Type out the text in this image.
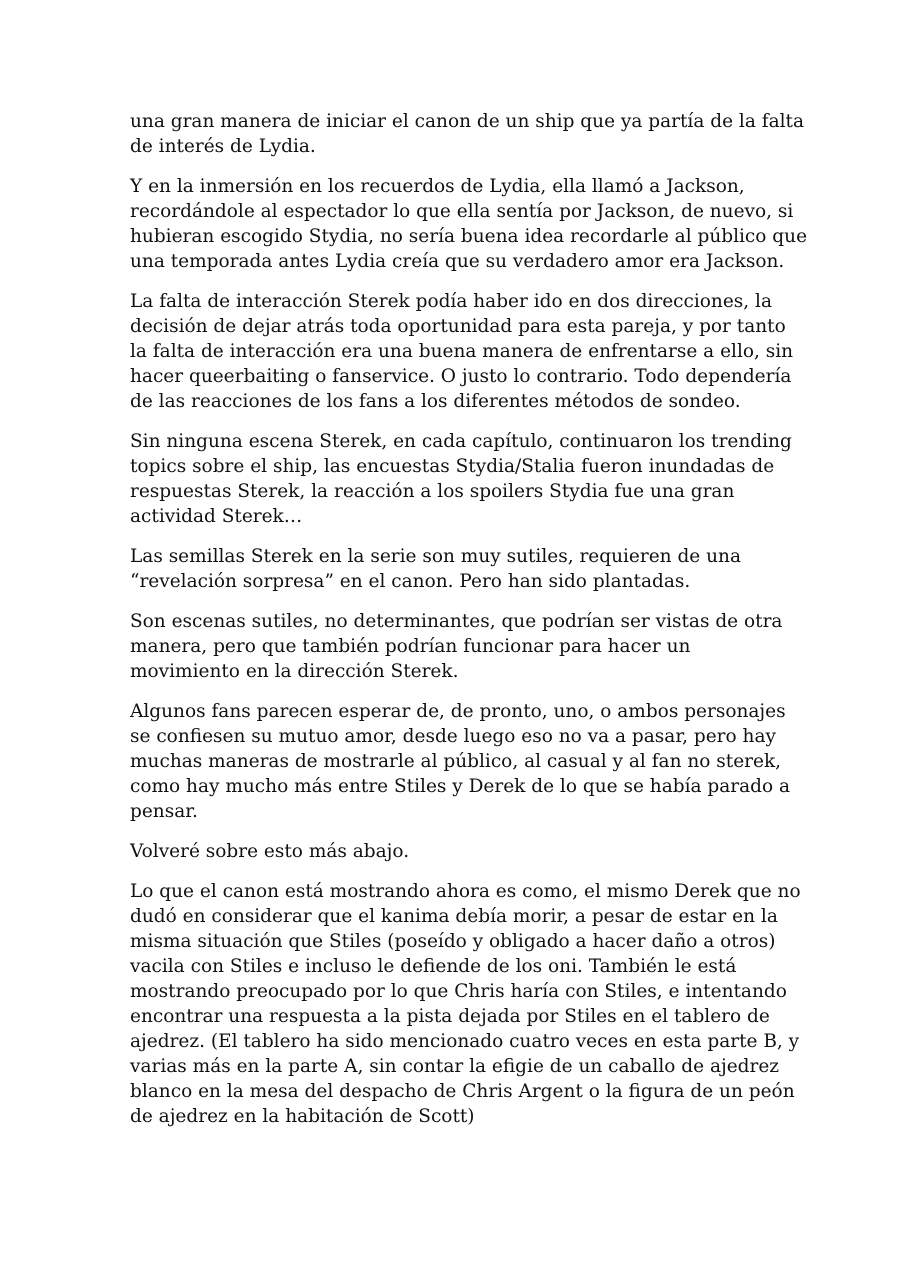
una gran manera de iniciar el canon de un ship que ya partía de la falta
de interés de Lydia.

Y en la inmersión en los recuerdos de Lydia, ella llamó a Jackson,
recordándole al espectador lo que ella sentía por Jackson, de nuevo, si
hubieran escogido Stydia, no sería buena idea recordarle al público que
una temporada antes Lydia creía que su verdadero amor era Jackson.

La falta de interacción Sterek podía haber ido en dos direcciones, la
decisión de dejar atrás toda oportunidad para esta pareja, y por tanto
la falta de interacción era una buena manera de enfrentarse a ello, sin
hacer queerbaiting o fanservice. O justo lo contrario. Todo dependería
de las reacciones de los fans a los diferentes métodos de sondeo.

Sin ninguna escena Sterek, en cada capítulo, continuaron los trending
topics sobre el ship, las encuestas Stydia/Stalia fueron inundadas de
respuestas Sterek, la reacción a los spoilers Stydia fue una gran
actividad Sterek…

Las semillas Sterek en la serie son muy sutiles, requieren de una
“revelación sorpresa” en el canon. Pero han sido plantadas.

Son escenas sutiles, no determinantes, que podrían ser vistas de otra
manera, pero que también podrían funcionar para hacer un
movimiento en la dirección Sterek.

Algunos fans parecen esperar de, de pronto, uno, o ambos personajes
se confiesen su mutuo amor, desde luego eso no va a pasar, pero hay
muchas maneras de mostrarle al público, al casual y al fan no sterek,
como hay mucho más entre Stiles y Derek de lo que se había parado a
pensar.

Volveré sobre esto más abajo.

Lo que el canon está mostrando ahora es como, el mismo Derek que no
dudó en considerar que el kanima debía morir, a pesar de estar en la
misma situación que Stiles (poseído y obligado a hacer daño a otros)
vacila con Stiles e incluso le defiende de los oni. También le está
mostrando preocupado por lo que Chris haría con Stiles, e intentando
encontrar una respuesta a la pista dejada por Stiles en el tablero de
ajedrez. (El tablero ha sido mencionado cuatro veces en esta parte B, y
varias más en la parte A, sin contar la efigie de un caballo de ajedrez
blanco en la mesa del despacho de Chris Argent o la figura de un peón
de ajedrez en la habitación de Scott)
